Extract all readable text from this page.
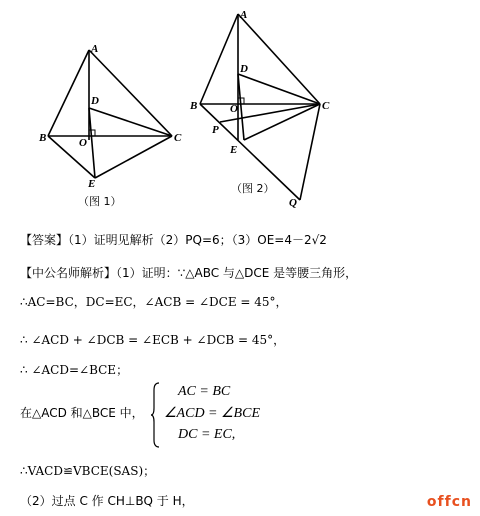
A
D
B	O	C
E
（图 1）
A
D
B	O	C
P
E
Q
（图 2）
【答案】（1）证明见解析（2）PQ=6；（3）OE=4－2√2
【中公名师解析】（1）证明：∵△ABC 与△DCE 是等腰三角形，
∴AC=BC，DC=EC，∠ACB = ∠DCE = 45°，
∴ ∠ACD + ∠DCB = ∠ECB + ∠DCB = 45°，
∴ ∠ACD=∠BCE；
在△ACD 和△BCE 中，
AC = BC
∠ACD = ∠BCE
DC = EC,
∴VACD≌VBCE(SAS)；
（2）过点 C 作 CH⊥BQ 于 H，	offcn
